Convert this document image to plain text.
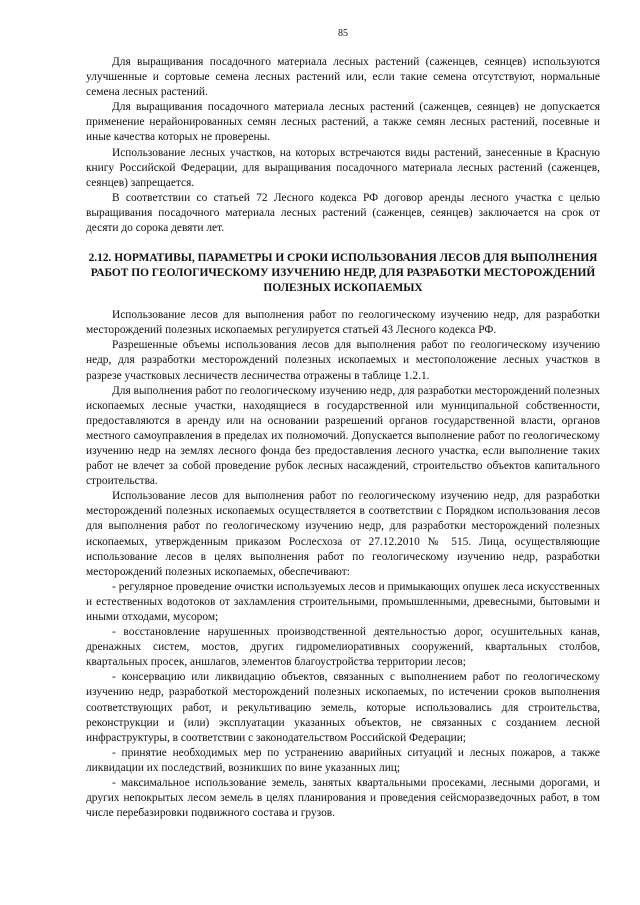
85

Для выращивания посадочного материала лесных растений (саженцев, сеянцев) используются улучшенные и сортовые семена лесных растений или, если такие семена отсутствуют, нормальные семена лесных растений.

Для выращивания посадочного материала лесных растений (саженцев, сеянцев) не допускается применение нерайонированных семян лесных растений, а также семян лесных растений, посевные и иные качества которых не проверены.

Использование лесных участков, на которых встречаются виды растений, занесенные в Красную книгу Российской Федерации, для выращивания посадочного материала лесных растений (саженцев, сеянцев) запрещается.

В соответствии со статьей 72 Лесного кодекса РФ договор аренды лесного участка с целью выращивания посадочного материала лесных растений (саженцев, сеянцев) заключается на срок от десяти до сорока девяти лет.

2.12. НОРМАТИВЫ, ПАРАМЕТРЫ И СРОКИ ИСПОЛЬЗОВАНИЯ ЛЕСОВ ДЛЯ ВЫПОЛНЕНИЯ РАБОТ ПО ГЕОЛОГИЧЕСКОМУ ИЗУЧЕНИЮ НЕДР, ДЛЯ РАЗРАБОТКИ МЕСТОРОЖДЕНИЙ ПОЛЕЗНЫХ ИСКОПАЕМЫХ

Использование лесов для выполнения работ по геологическому изучению недр, для разработки месторождений полезных ископаемых регулируется статьей 43 Лесного кодекса РФ.

Разрешенные объемы использования лесов для выполнения работ по геологическому изучению недр, для разработки месторождений полезных ископаемых и местоположение лесных участков в разрезе участковых лесничеств лесничества отражены в таблице 1.2.1.

Для выполнения работ по геологическому изучению недр, для разработки месторождений полезных ископаемых лесные участки, находящиеся в государственной или муниципальной собственности, предоставляются в аренду или на основании разрешений органов государственной власти, органов местного самоуправления в пределах их полномочий. Допускается выполнение работ по геологическому изучению недр на землях лесного фонда без предоставления лесного участка, если выполнение таких работ не влечет за собой проведение рубок лесных насаждений, строительство объектов капитального строительства.

Использование лесов для выполнения работ по геологическому изучению недр, для разработки месторождений полезных ископаемых осуществляется в соответствии с Порядком использования лесов для выполнения работ по геологическому изучению недр, для разработки месторождений полезных ископаемых, утвержденным приказом Рослесхоза от 27.12.2010 № 515. Лица, осуществляющие использование лесов в целях выполнения работ по геологическому изучению недр, разработки месторождений полезных ископаемых, обеспечивают:

- регулярное проведение очистки используемых лесов и примыкающих опушек леса искусственных и естественных водотоков от захламления строительными, промышленными, древесными, бытовыми и иными отходами, мусором;

- восстановление нарушенных производственной деятельностью дорог, осушительных канав, дренажных систем, мостов, других гидромелиоративных сооружений, квартальных столбов, квартальных просек, аншлагов, элементов благоустройства территории лесов;

- консервацию или ликвидацию объектов, связанных с выполнением работ по геологическому изучению недр, разработкой месторождений полезных ископаемых, по истечении сроков выполнения соответствующих работ, и рекультивацию земель, которые использовались для строительства, реконструкции и (или) эксплуатации указанных объектов, не связанных с созданием лесной инфраструктуры, в соответствии с законодательством Российской Федерации;

- принятие необходимых мер по устранению аварийных ситуаций и лесных пожаров, а также ликвидации их последствий, возникших по вине указанных лиц;

- максимальное использование земель, занятых квартальными просеками, лесными дорогами, и других непокрытых лесом земель в целях планирования и проведения сейсморазведочных работ, в том числе перебазировки подвижного состава и грузов.
